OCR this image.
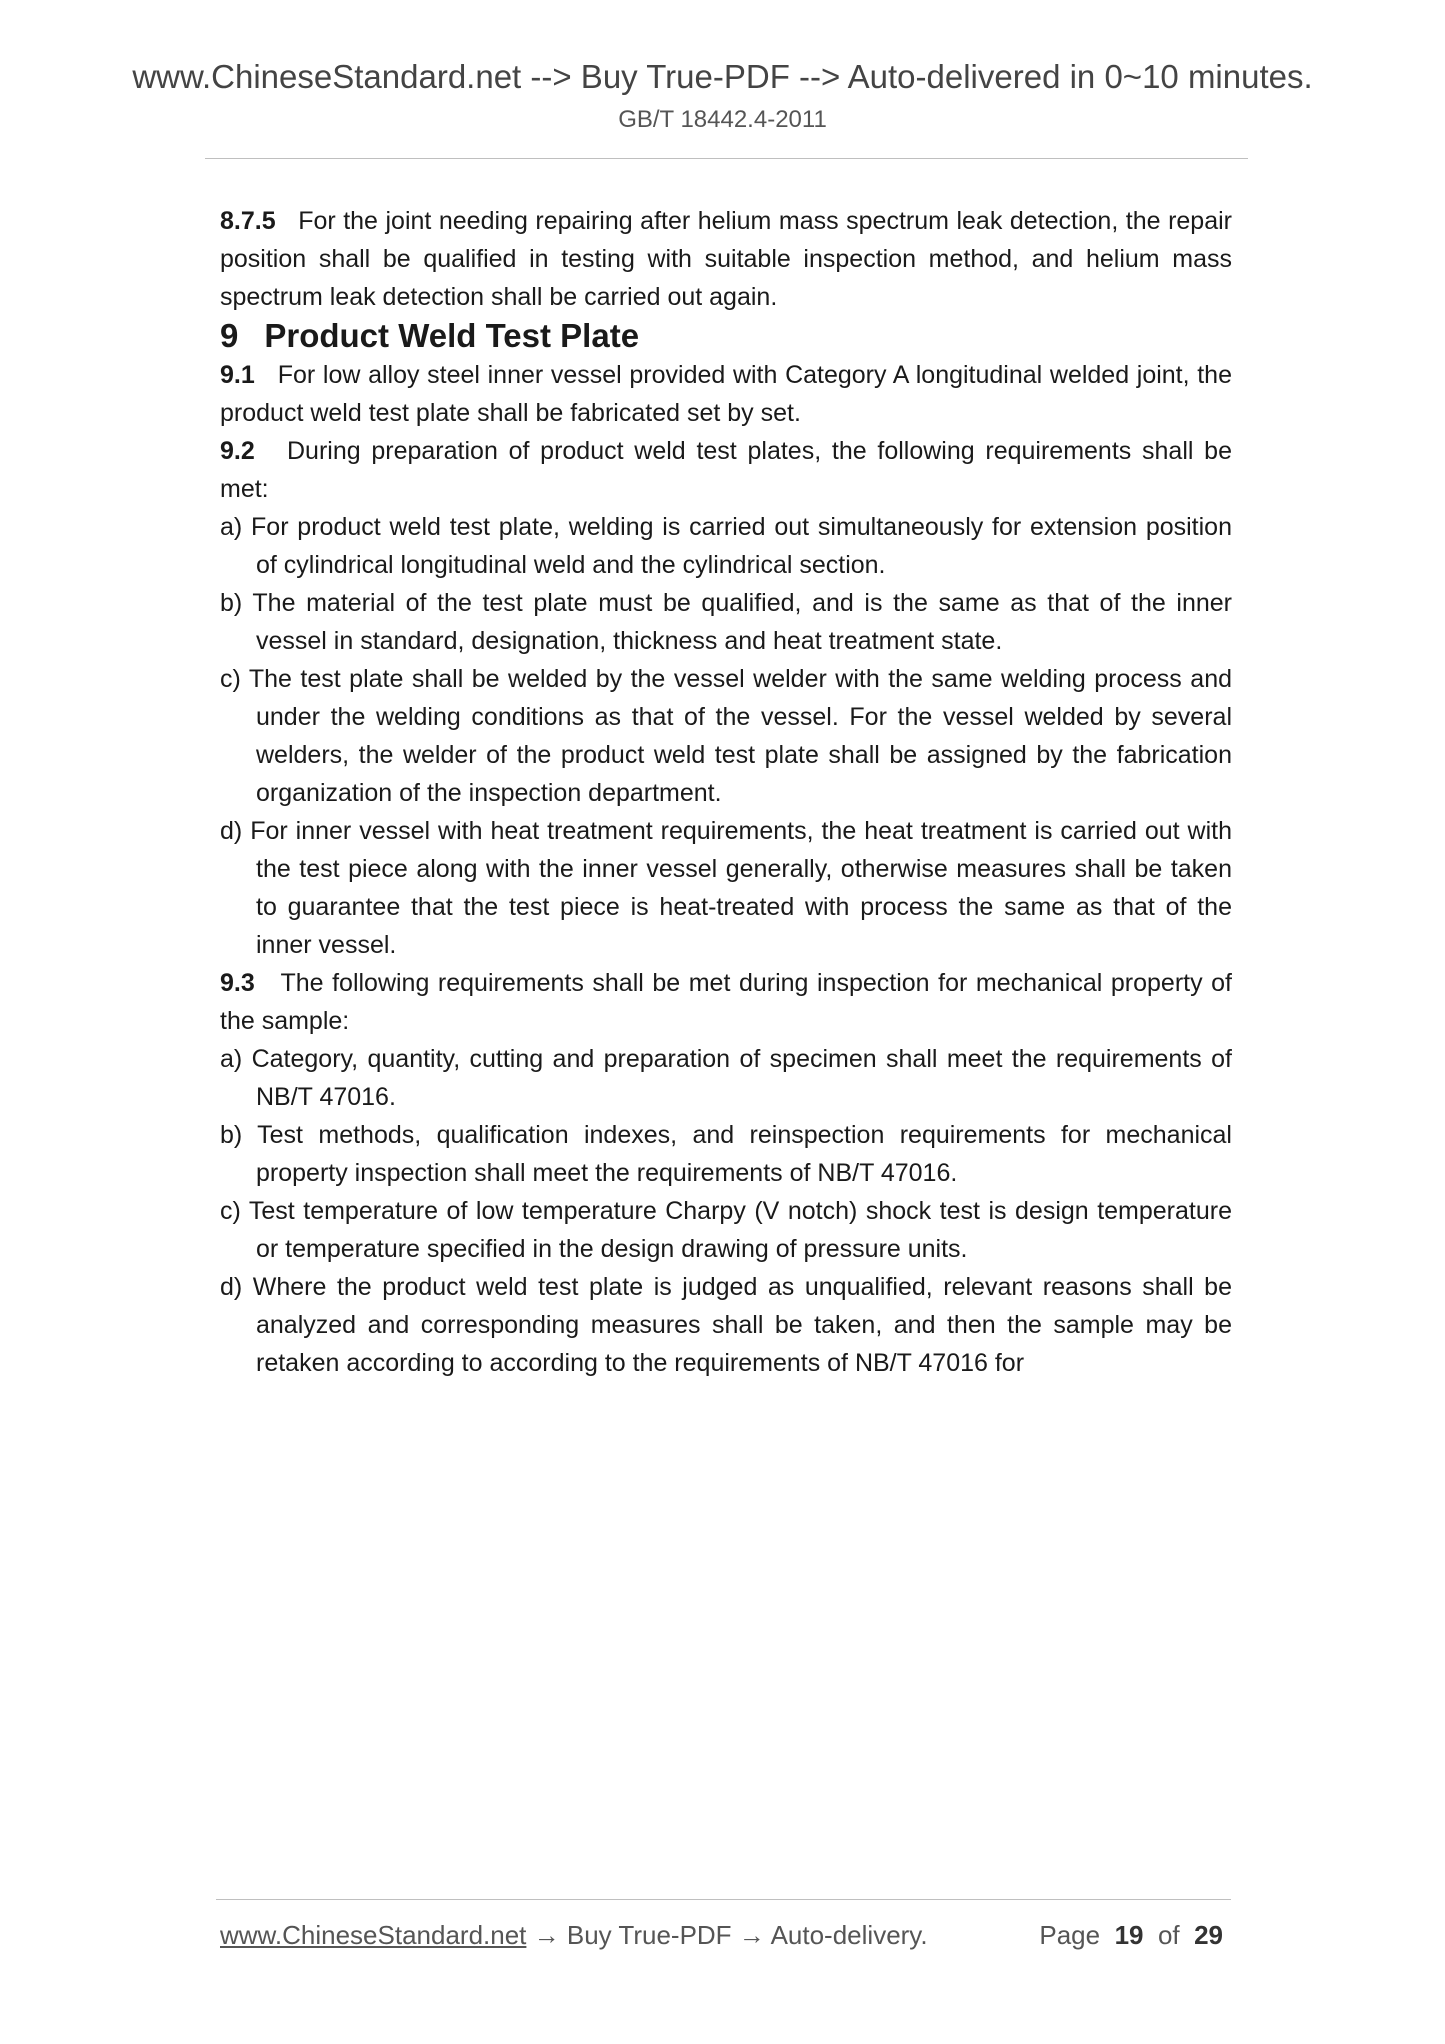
www.ChineseStandard.net --> Buy True-PDF --> Auto-delivered in 0~10 minutes.
GB/T 18442.4-2011

8.7.5 For the joint needing repairing after helium mass spectrum leak detection, the repair position shall be qualified in testing with suitable inspection method, and helium mass spectrum leak detection shall be carried out again.

9 Product Weld Test Plate

9.1 For low alloy steel inner vessel provided with Category A longitudinal welded joint, the product weld test plate shall be fabricated set by set.

9.2 During preparation of product weld test plates, the following requirements shall be met:

a) For product weld test plate, welding is carried out simultaneously for extension position of cylindrical longitudinal weld and the cylindrical section.

b) The material of the test plate must be qualified, and is the same as that of the inner vessel in standard, designation, thickness and heat treatment state.

c) The test plate shall be welded by the vessel welder with the same welding process and under the welding conditions as that of the vessel. For the vessel welded by several welders, the welder of the product weld test plate shall be assigned by the fabrication organization of the inspection department.

d) For inner vessel with heat treatment requirements, the heat treatment is carried out with the test piece along with the inner vessel generally, otherwise measures shall be taken to guarantee that the test piece is heat-treated with process the same as that of the inner vessel.

9.3 The following requirements shall be met during inspection for mechanical property of the sample:

a) Category, quantity, cutting and preparation of specimen shall meet the requirements of NB/T 47016.

b) Test methods, qualification indexes, and reinspection requirements for mechanical property inspection shall meet the requirements of NB/T 47016.

c) Test temperature of low temperature Charpy (V notch) shock test is design temperature or temperature specified in the design drawing of pressure units.

d) Where the product weld test plate is judged as unqualified, relevant reasons shall be analyzed and corresponding measures shall be taken, and then the sample may be retaken according to according to the requirements of NB/T 47016 for

www.ChineseStandard.net → Buy True-PDF → Auto-delivery.	Page 19 of 29
